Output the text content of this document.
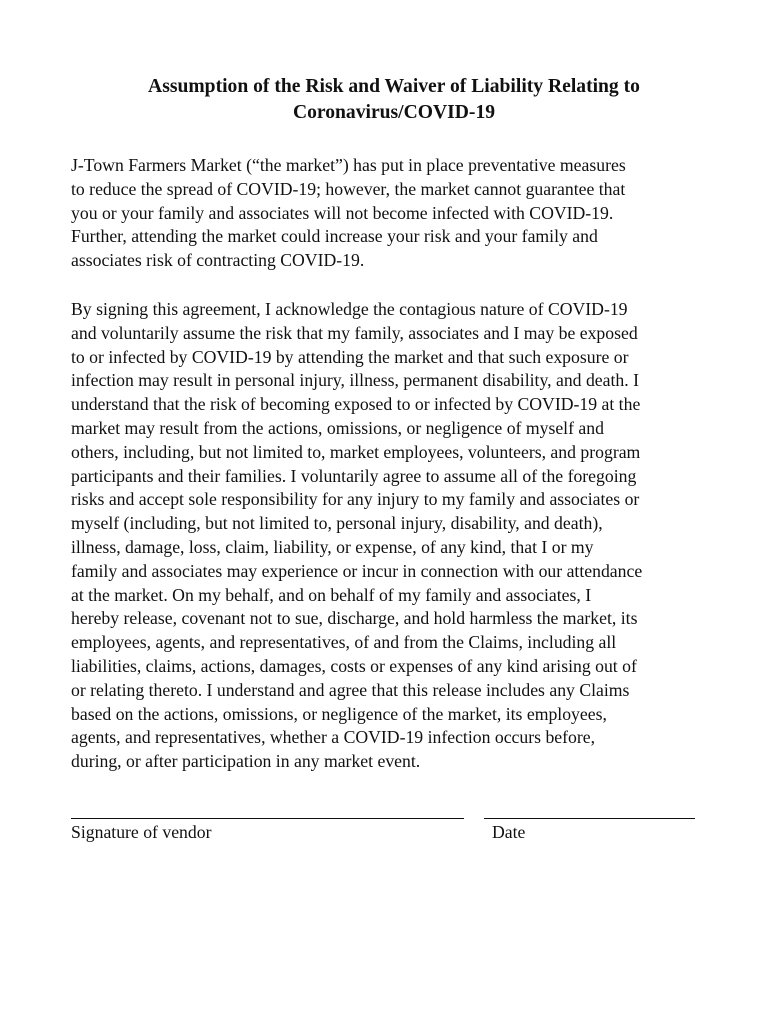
Assumption of the Risk and Waiver of Liability Relating to
Coronavirus/COVID-19
J-Town Farmers Market (“the market”) has put in place preventative measures
to reduce the spread of COVID-19; however, the market cannot guarantee that
you or your family and associates will not become infected with COVID-19.
Further, attending the market could increase your risk and your family and
associates risk of contracting COVID-19.
By signing this agreement, I acknowledge the contagious nature of COVID-19
and voluntarily assume the risk that my family, associates and I may be exposed
to or infected by COVID-19 by attending the market and that such exposure or
infection may result in personal injury, illness, permanent disability, and death. I
understand that the risk of becoming exposed to or infected by COVID-19 at the
market may result from the actions, omissions, or negligence of myself and
others, including, but not limited to, market employees, volunteers, and program
participants and their families. I voluntarily agree to assume all of the foregoing
risks and accept sole responsibility for any injury to my family and associates or
myself (including, but not limited to, personal injury, disability, and death),
illness, damage, loss, claim, liability, or expense, of any kind, that I or my
family and associates may experience or incur in connection with our attendance
at the market. On my behalf, and on behalf of my family and associates, I
hereby release, covenant not to sue, discharge, and hold harmless the market, its
employees, agents, and representatives, of and from the Claims, including all
liabilities, claims, actions, damages, costs or expenses of any kind arising out of
or relating thereto. I understand and agree that this release includes any Claims
based on the actions, omissions, or negligence of the market, its employees,
agents, and representatives, whether a COVID-19 infection occurs before,
during, or after participation in any market event.
Signature of vendor	Date
